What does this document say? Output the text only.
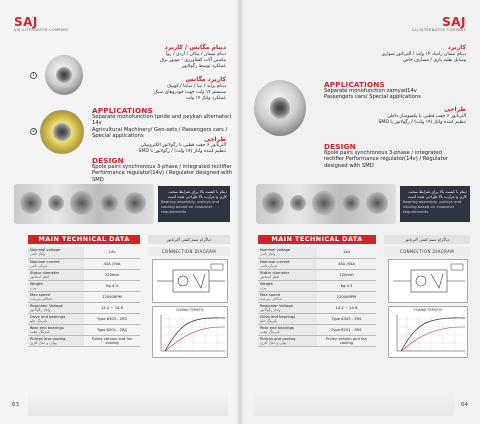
SAJ
SAJ ALTERNATOR COMPANY
1
2
دینام مگانس / کاربرد
دینام نیسان / پیکان / آردی / روآ
ماشین آلات کشاورزی - موتور برق
عملکرد توسط رگولاتور
کاربرد مگانس
دینام پراید / تیبا / ساینا / کوییک
سیستم ۱۴ ولت جهت خودروهای سبک
عملکرد ولتاژ ۱۴ ولت
APPLICATIONS
Separate monofunction (pride and peykan alternator) 14v
Agricultural Machinery/ Gen-sets / Passengers cars /
Special applications	طراحی
آلترناتور ۶ جفت قطبی با رگولاتور الکترونیکی
تنظیم کننده ولتاژ (۱۴ ولت) / رگولاتور با SMD
DESIGN
6pole pairs synchronous 3-phase / integrated rectifier
Performance regulator(14v) / Regulator designed with SMD
دینام با کیفیت بالا برای شرایط سخت کاری و حرارت بالا طراحی شده است
Bearing assembly, pulleys and cooling based on customer requirements
MAIN TECHNICAL DATA	دیاگرام سیم کشی آلترناتور
Nominal voltage
ولتاژ نامی	14v

Nominal current
جریان نامی	45A /55A

Stator diameter
قطر استاتور	120mm

Weight
وزن	Kg 4.3

Max speed
حداکثر سرعت	12000RPM

Regulator Voltage
ولتاژ رگولاتور	14.2 ~ 14.8

Drive end bearings
بلبرینگ جلو	Type 6303 - 2RS

Rear end bearings
بلبرینگ عقب	Type 6201 - 2RS

Pulleys and cooling
پولی و خنک کاری	Pulley version and fan cooling
CONNECTION DIAGRAM
CHARACTERISTIC
63
SAJ
SAJ ALTERNATOR COMPANY
کاربرد
دینام نیسان زامیاد ۱۴ ولت / آلترناتور سواری
وسایل نقلیه باری / مصارف خاص
APPLICATIONS
Separate monofunction zamyad14v
Passengers cars/ Special applications
طراحی
آلترناتور ۶ جفت قطبی با یکسوساز داخلی
تنظیم کننده ولتاژ (۱۴ ولت) / رگولاتور با SMD
DESIGN
6pole pairs synchronous 3-phase / integrated
rectifier Performance regulator(14v) / Regulator
designed with SMD
دینام با کیفیت بالا برای شرایط سخت کاری و حرارت بالا طراحی شده است
Bearing assembly, pulleys and cooling based on customer requirements
MAIN TECHNICAL DATA	دیاگرام سیم کشی آلترناتور
Nominal voltage
ولتاژ نامی	14v

Nominal current
جریان نامی	45A /55A

Stator diameter
قطر استاتور	120mm

Weight
وزن	Kg 4.3

Max speed
حداکثر سرعت	12000RPM

Regulator Voltage
ولتاژ رگولاتور	14.2 ~ 14.8

Drive end bearings
بلبرینگ جلو	Type 6303 - 2RS

Rear end bearings
بلبرینگ عقب	Type 6201 - 2RS

Pulleys and cooling
پولی و خنک کاری	Pulley version and fan cooling
CONNECTION DIAGRAM
CHARACTERISTIC
64
